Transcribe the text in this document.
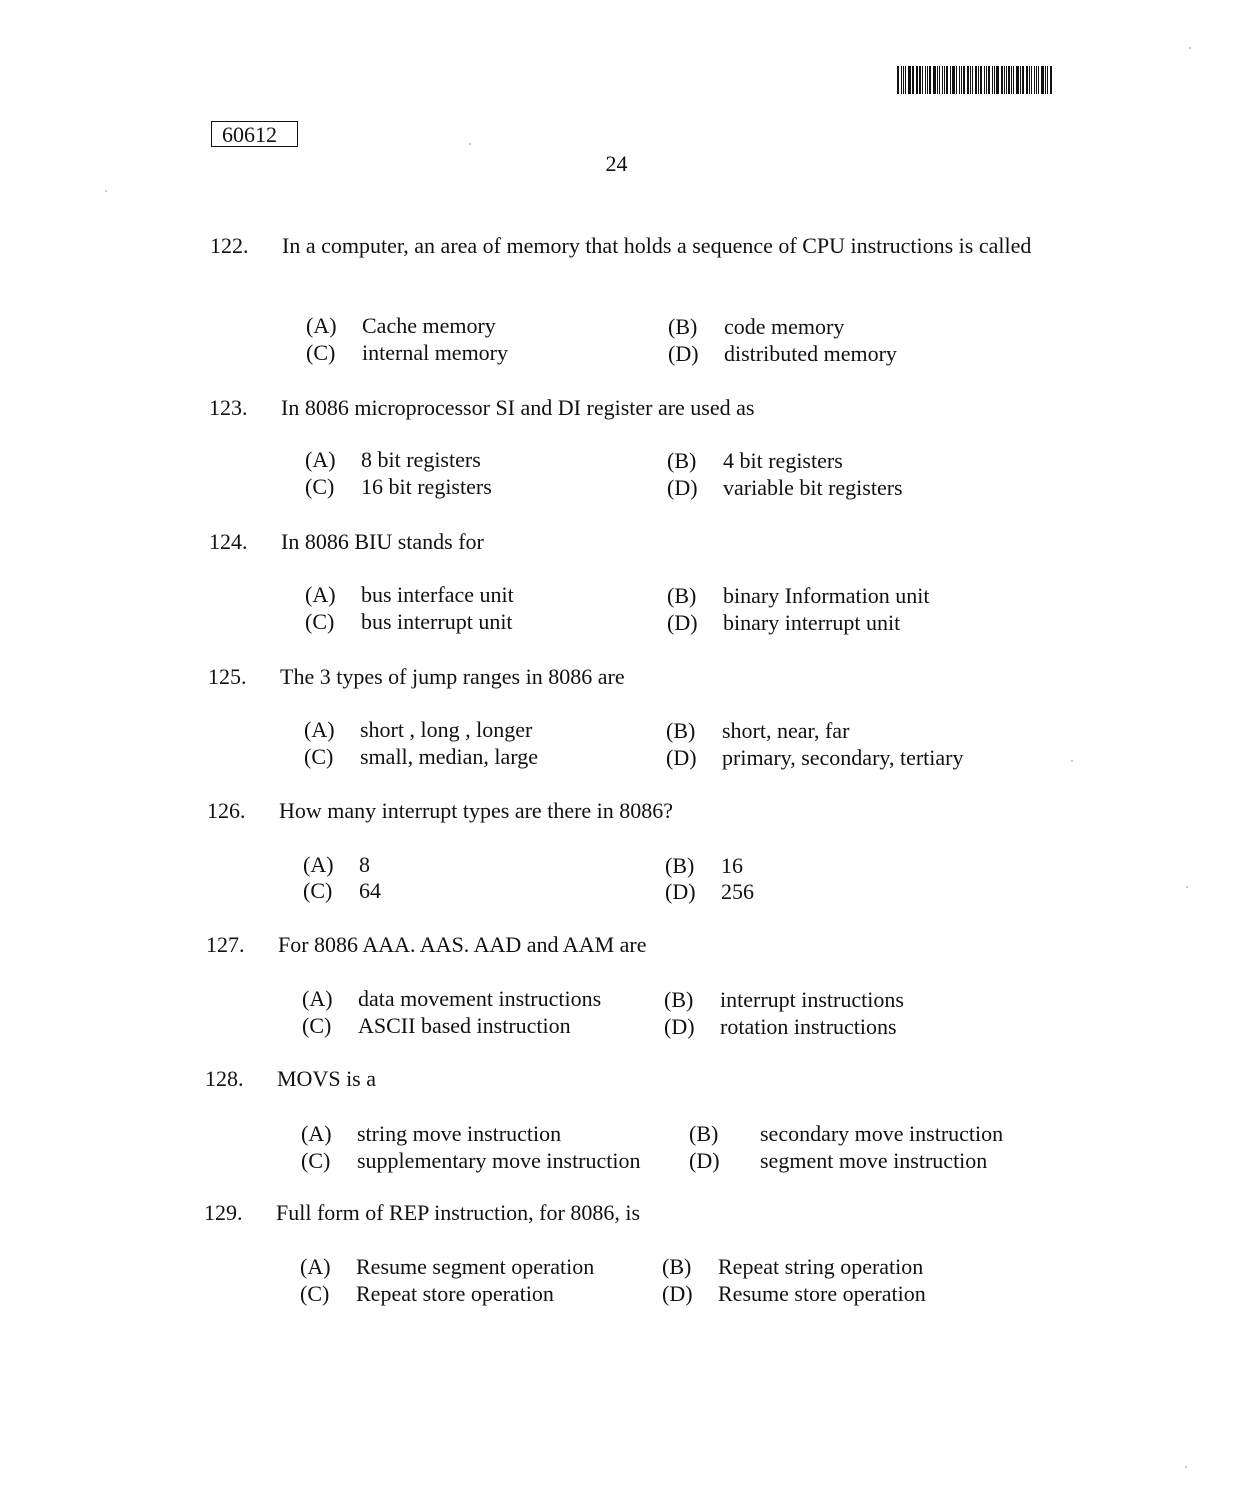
60612
24
122. In a computer, an area of memory that holds a sequence of CPU instructions is called
(A) Cache memory	(B) code memory
(C) internal memory	(D) distributed memory
123. In 8086 microprocessor SI and DI register are used as
(A) 8 bit registers	(B) 4 bit registers
(C) 16 bit registers	(D) variable bit registers
124. In 8086 BIU stands for
(A) bus interface unit	(B) binary Information unit
(C) bus interrupt unit	(D) binary interrupt unit
125. The 3 types of jump ranges in 8086 are
(A) short , long , longer	(B) short, near, far
(C) small, median, large	(D) primary, secondary, tertiary
126. How many interrupt types are there in 8086?
(A) 8	(B) 16
(C) 64	(D) 256
127. For 8086 AAA. AAS. AAD and AAM are
(A) data movement instructions	(B) interrupt instructions
(C) ASCII based instruction	(D) rotation instructions
128. MOVS is a
(A) string move instruction	(B) secondary move instruction
(C) supplementary move instruction (D) segment move instruction
129. Full form of REP instruction, for 8086, is
(A) Resume segment operation	(B) Repeat string operation
(C) Repeat store operation	(D) Resume store operation
